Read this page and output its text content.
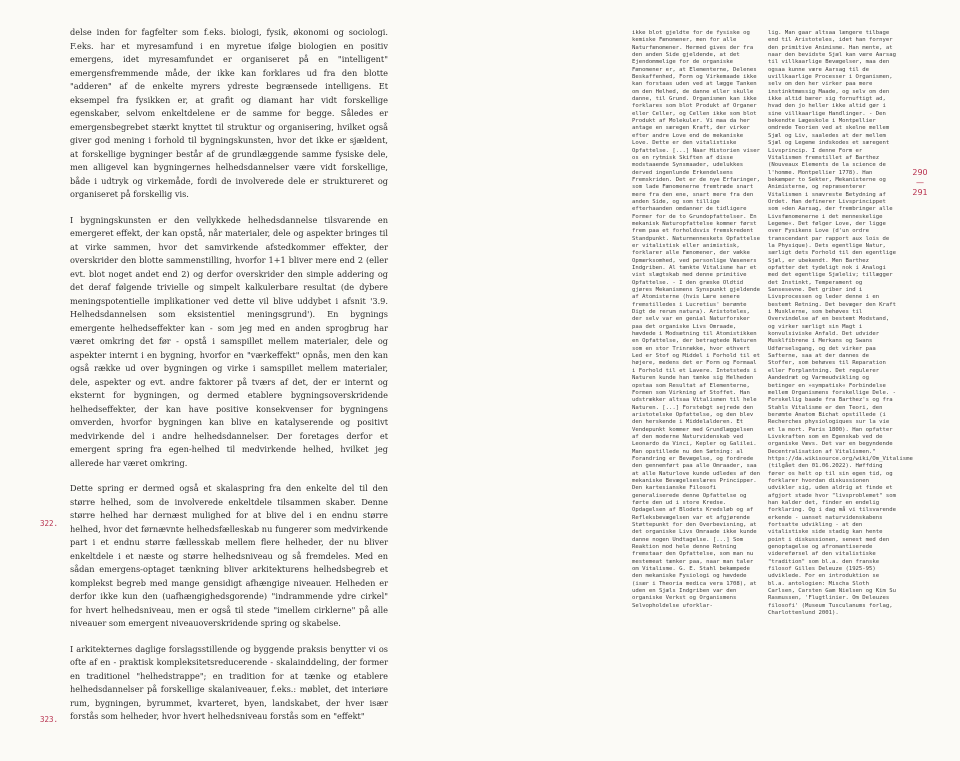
delse inden for fagfelter som f.eks. biologi, fysik, økonomi og sociologi. F.eks. har et myresamfund i en myretue ifølge biologien en positiv emergens, idet myresamfundet er organiseret på en "intelligent" emergensfremmende måde, der ikke kan forklares ud fra den blotte "adderen" af de enkelte myrers ydreste begrænsede intelligens. Et eksempel fra fysikken er, at grafit og diamant har vidt forskellige egenskaber, selvom enkeltdelene er de samme for begge. Således er emergensbegrebet stærkt knyttet til struktur og organisering, hvilket også giver god mening i forhold til bygningskunsten, hvor det ikke er sjældent, at forskellige bygninger består af de grundlæggende samme fysiske dele, men alligevel kan bygningernes helhedsdannelser være vidt forskellige, både i udtryk og virkemåde, fordi de involverede dele er struktureret og organiseret på forskellig vis.

I bygningskunsten er den vellykkede helhedsdannelse tilsvarende en emergeret effekt, der kan opstå, når materialer, dele og aspekter bringes til at virke sammen, hvor det samvirkende afstedkommer effekter, der overskrider den blotte sammenstilling, hvorfor 1+1 bliver mere end 2 (eller evt. blot noget andet end 2) og derfor overskrider den simple addering og det deraf følgende trivielle og simpelt kalkulerbare resultat (de dybere meningspotentielle implikationer ved dette vil blive uddybet i afsnit '3.9. Helhedsdannelsen som eksistentiel meningsgrund'). En bygnings emergente helhedseffekter kan - som jeg med en anden sprogbrug har været omkring det før - opstå i samspillet mellem materialer, dele og aspekter internt i en bygning, hvorfor en "værkeffekt" opnås, men den kan også række ud over bygningen og virke i samspillet mellem materialer, dele, aspekter og evt. andre faktorer på tværs af det, der er internt og eksternt for bygningen, og dermed etablere bygningsoverskridende helhedseffekter, der kan have positive konsekvenser for bygningens omverden, hvorfor bygningen kan blive en katalyserende og positivt medvirkende del i andre helhedsdannelser. Der foretages derfor et emergent spring fra egen-helhed til medvirkende helhed, hvilket jeg allerede har været omkring.

Dette spring er dermed også et skalaspring fra den enkelte del til den større helhed, som de involverede enkeltdele tilsammen skaber. Denne større helhed har dernæst mulighed for at blive del i en endnu større helhed, hvor det førnævnte helhedsfælleskab nu fungerer som medvirkende part i et endnu større fællesskab mellem flere helheder, der nu bliver enkeltdele i et næste og større helhedsniveau og så fremdeles. Med en sådan emergens-optaget tænkning bliver arkitekturens helhedsbegreb et komplekst begreb med mange gensidigt afhængige niveauer. Helheden er derfor ikke kun den (uafhængighedsgorende) "indrammende ydre cirkel" for hvert helhedsniveau, men er også til stede "imellem cirklerne" på alle niveauer som emergent niveauoverskridende spring og skabelse.

I arkitekternes daglige forslagsstillende og byggende praksis benytter vi os ofte af en - praktisk kompleksitetsreducerende - skalainddeling, der former en traditionel "helhedstrappe"; en tradition for at tænke og etablere helhedsdannelser på forskellige skalaniveauer, f.eks.: møblet, det interiøre rum, bygningen, byrummet, kvarteret, byen, landskabet, der hver især forstås som helheder, hvor hvert helhedsniveau forstås som en "effekt"

322.
323.

ikke blot gjeldte for de fysiske og kemiske Fænomener, men for alle Naturfænomener. Hermed gives der fra den anden Side gjeldende, at det Ejendommelige for de organiske Fænomener er, at Elementerne, Delenes Beskaffenhed, Form og Virkemaade ikke kan forstaas uden ved at lægge Tanken om den Helhed, de danne eller skulle danne, til Grund. Organismen kan ikke forklares som blot Produkt af Organer eller Celler, og Cellen ikke som blot Produkt af Molekuler. Vi maa da her antage en særegen Kraft, der virker efter andre Love end de mekaniske Love. Dette er den vitalistiske Opfattelse. [...] Naar Historien viser os en rytmisk Skiften af disse modstaaende Synsmaader, udelukkes derved ingenlunde Erkendelsens Fremskriden. Det er de nye Erfaringer, som lade Fænomenerne fremtræde snart mere fra den ene, snart mere fra den anden Side, og som tillige efterhaanden omdanner de tidligere Former for de to Grundopfattelser. En mekanisk Naturopfattelse kommer først frem paa et forholdsvis fremskredent Standpunkt. Naturmenneskets Opfattelse er vitalistisk eller animistisk, forklarer alle Fænomener, der vække Opmærksomhed, ved personlige Væseners Indgriben. Al tænkte Vitalisme har et vist slægtskab med denne primitive Opfattelse. - I den græske Oldtid gjøres Mekanismens Synspunkt gjeldende af Atomisterne (hvis Lære senere fremstilledes i Lucretius' berømte Digt de rerum natura). Aristoteles, der selv var en genial Naturforsker paa det organiske Livs Omraade, hævdede i Modsætning til Atomistikken en Opfattelse, der betragtede Naturen som en stor Trinrække, hvor ethvert Led er Stof og Middel i Forhold til et højere, medens det er Form og Formaal i Forhold til et Lavere. Intetsteds i Naturen kunde han tænke sig Helheden opstaa som Resultat af Elementerne, Formen som Virkning af Stoffet. Han udstrækker altsaa Vitalismen til hele Naturen. [...] Forstebgt sejrede den aristotelske Opfattelse, og den blev den herskende i Middelalderen. Et Vendepunkt kommer med Grundlæggelsen af den moderne Naturvidenskab ved Leonardo da Vinci, Kepler og Galilei. Man opstillede nu den Sætning: al Forandring er Bevægelse, og fordrede den gennemført paa alle Omraader, saa at alle Naturlove kunde udledes af den mekaniske Bevægelseslæres Principper. Den kartesianske Filosofi generaliserede denne Opfattelse og førte den ud i store Kredse. Opdagelsen af Blodets Kredsløb og af Refleksbevægelsen var et afgjørende Støttepunkt for den Overbevisning, at det organiske Livs Omraade ikke kunde danne nogen Undtagelse. [...] Som Reaktion mod hele denne Retning fremstaar den Opfattelse, som man nu mestemeat tænker paa, naar man taler om Vitalisme. G. E. Stahl bekæmpede den mekaniske Fysiologi og hævdede (især i Theoria medica vera 1708), at uden en Sjæls Indgriben var den organiske Verkst og Organismens Selvopholdelse uforklar-

lig. Man gaar altsaa længere tilbage end til Aristoteles, idet han fornyer den primitive Animisme. Han mente, at naar den bevidste Sjæl kan være Aarsag til villkaarlige Bevægelser, maa den ogsaa kunne være Aarsag til de uvillkaarlige Processer i Organismen, selv om den her virker paa mere instinktmæssig Maade, og selv om den ikke altid bærer sig fornuftigt ad, hvad den jo heller ikke altid gør i sine villkaarlige Handlinger. - Den bekendte Lægeskole i Montpellier omdrede Teorien ved at skelne mellem Sjæl og Liv, saaledes at der mellem Sjæl og Legeme indskodes et særegent Livsprincip. I denne Form er Vitalismen fremstillet af Barthez (Nouveaux Elements de la science de l'homme. Montpellier 1778). Han bekæmper to Sekter, Mekanisterne og Animisterne, og repræsenterer Vitalismen i snævreste Betydning af Ordet. Han definerer Livsprincippet som »den Aarsag, der frembringer alle Livsfænomenerne i det menneskelige Legeme«. Det følger Love, der ligge over Fysikens Love (d'un ordre transcendant par rapport aux lois de la Physique). Dets egentlige Natur, særligt dets Forhold til den egentlige Sjæl, er ubekendt. Men Barthez opfatter det tydeligt nok i Analogi med det egentlige Sjæleliv; tillægger det Instinkt, Temperament og Sansesevne. Det griber ind i Livsprocessen og leder denne i en bestemt Retning. Det bevæger den Kraft i Musklerne, som behøves til Overvindelse af en bestemt Modstand, og virker særligt sin Magt i konvulsiviske Anfald. Det udvider Musklfibrene i Merkans og Swans Udførselsgang, og det virker paa Safterne, saa at der dannes de Stoffer, som behøves til Reparation eller Forplantning. Det regulerer Aandedræt og Varmeudvikling og betinger en »sympatisk« Forbindelse mellem Organismens forskellige Dele. - Forskellig baade fra Barthez's og fra Stahls Vitalisme er den Teori, den berømte Anatom Bichat opstillede (i Recherches physiologiques sur la vie et la mort. Paris 1800). Han opfatter Livskraften som en Egenskab ved de organiske Vævs. Det var en begyndende Decentralisation af Vitalismen." https://da.wikisource.org/wiki/Om_Vitalisme (tilgået den 01.06.2022). Høffding fører os helt op til sin egen tid, og forklarer hvordan diskussionen udvikler sig, uden aldrig at finde et afgjort stade hvor "livsproblemet" som han kalder det, finder en endelig forklaring. Og i dag må vi tilsvarende erkende - uanset naturvidenskabens fortsatte udvikling - at den vitalistiske side stadig kan hente point i diskussionen, senest med den genoptagelse og afromantiserede videreførsel af den vitalistiske "tradition" som bl.a. den franske filosof Gilles Deleuze (1925-95) udviklede. For en introduktion se bl.a. antologien: Mischa Sloth Carlsen, Carsten Gam Nielsen og Kim Su Rasmussen, 'Flugtlinier. Om Deleuzes filosofi' (Museum Tusculanums forlag, Charlottenlund 2001).

290
—
291
